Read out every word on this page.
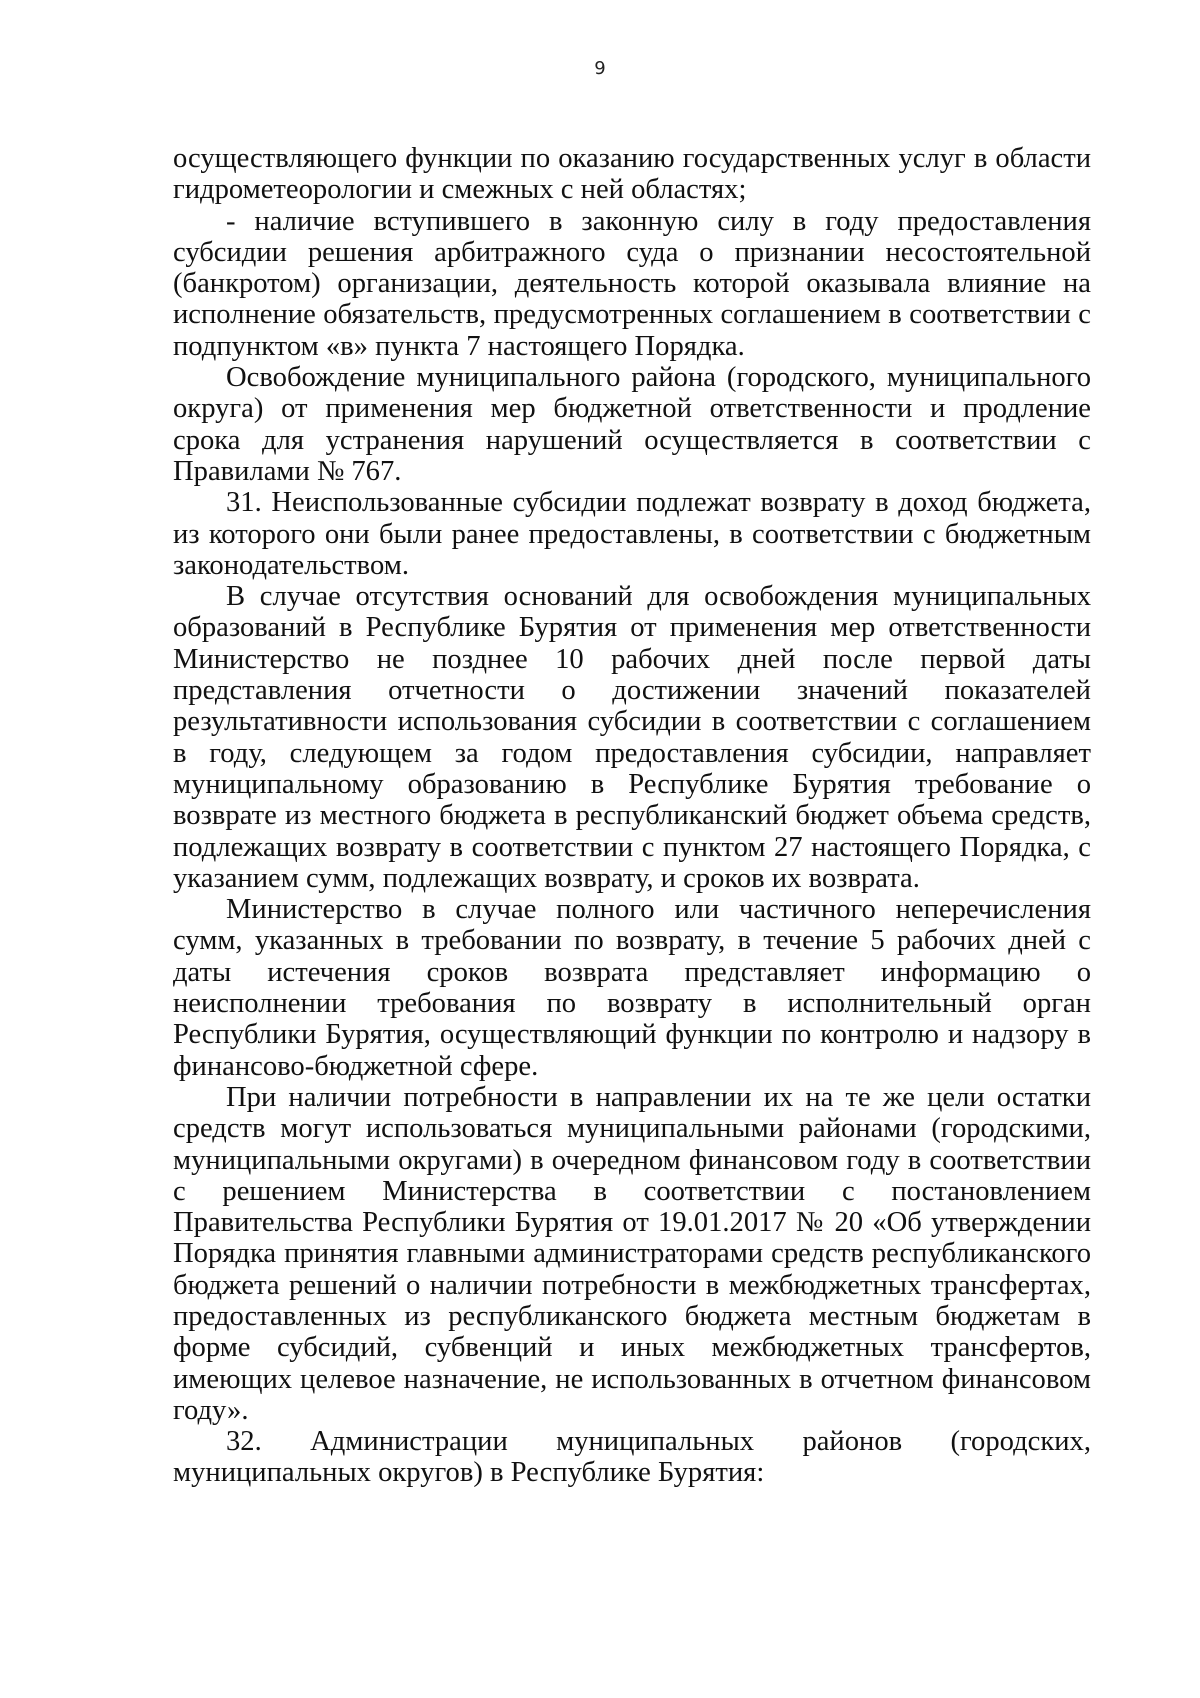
9

осуществляющего функции по оказанию государственных услуг в области гидрометеорологии и смежных с ней областях;

- наличие вступившего в законную силу в году предоставления субсидии решения арбитражного суда о признании несостоятельной (банкротом) организации, деятельность которой оказывала влияние на исполнение обязательств, предусмотренных соглашением в соответствии с подпунктом «в» пункта 7 настоящего Порядка.

Освобождение муниципального района (городского, муниципального округа) от применения мер бюджетной ответственности и продление срока для устранения нарушений осуществляется в соответствии с Правилами № 767.

31. Неиспользованные субсидии подлежат возврату в доход бюджета, из которого они были ранее предоставлены, в соответствии с бюджетным законодательством.

В случае отсутствия оснований для освобождения муниципальных образований в Республике Бурятия от применения мер ответственности Министерство не позднее 10 рабочих дней после первой даты представления отчетности о достижении значений показателей результативности использования субсидии в соответствии с соглашением в году, следующем за годом предоставления субсидии, направляет муниципальному образованию в Республике Бурятия требование о возврате из местного бюджета в республиканский бюджет объема средств, подлежащих возврату в соответствии с пунктом 27 настоящего Порядка, с указанием сумм, подлежащих возврату, и сроков их возврата.

Министерство в случае полного или частичного неперечисления сумм, указанных в требовании по возврату, в течение 5 рабочих дней с даты истечения сроков возврата представляет информацию о неисполнении требования по возврату в исполнительный орган Республики Бурятия, осуществляющий функции по контролю и надзору в финансово-бюджетной сфере.

При наличии потребности в направлении их на те же цели остатки средств могут использоваться муниципальными районами (городскими, муниципальными округами) в очередном финансовом году в соответствии с решением Министерства в соответствии с постановлением Правительства Республики Бурятия от 19.01.2017 № 20 «Об утверждении Порядка принятия главными администраторами средств республиканского бюджета решений о наличии потребности в межбюджетных трансфертах, предоставленных из республиканского бюджета местным бюджетам в форме субсидий, субвенций и иных межбюджетных трансфертов, имеющих целевое назначение, не использованных в отчетном финансовом году».

32. Администрации муниципальных районов (городских, муниципальных округов) в Республике Бурятия:
